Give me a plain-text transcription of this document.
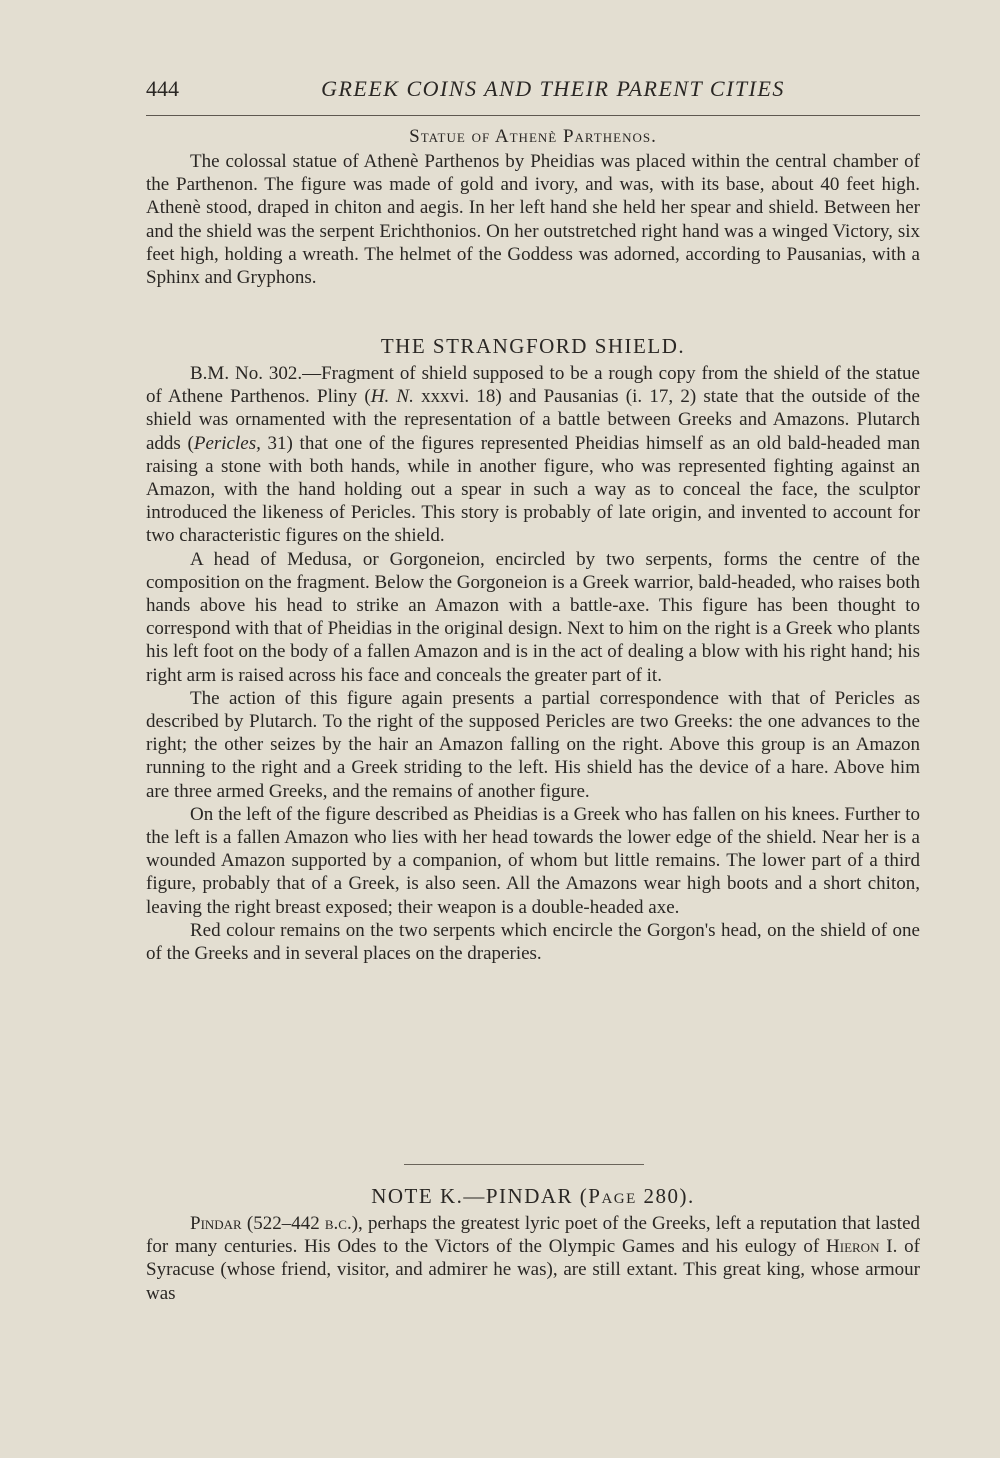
444	GREEK COINS AND THEIR PARENT CITIES
Statue of Athenè Parthenos.

The colossal statue of Athenè Parthenos by Pheidias was placed within the central chamber of the Parthenon. The figure was made of gold and ivory, and was, with its base, about 40 feet high. Athenè stood, draped in chiton and aegis. In her left hand she held her spear and shield. Between her and the shield was the serpent Erichthonios. On her outstretched right hand was a winged Victory, six feet high, holding a wreath. The helmet of the Goddess was adorned, according to Pausanias, with a Sphinx and Gryphons.

THE STRANGFORD SHIELD.

B.M. No. 302.—Fragment of shield supposed to be a rough copy from the shield of the statue of Athene Parthenos. Pliny (H. N. xxxvi. 18) and Pausanias (i. 17, 2) state that the outside of the shield was ornamented with the representation of a battle between Greeks and Amazons. Plutarch adds (Pericles, 31) that one of the figures represented Pheidias himself as an old bald-headed man raising a stone with both hands, while in another figure, who was represented fighting against an Amazon, with the hand holding out a spear in such a way as to conceal the face, the sculptor introduced the likeness of Pericles. This story is probably of late origin, and invented to account for two characteristic figures on the shield.

A head of Medusa, or Gorgoneion, encircled by two serpents, forms the centre of the composition on the fragment. Below the Gorgoneion is a Greek warrior, bald-headed, who raises both hands above his head to strike an Amazon with a battle-axe. This figure has been thought to correspond with that of Pheidias in the original design. Next to him on the right is a Greek who plants his left foot on the body of a fallen Amazon and is in the act of dealing a blow with his right hand; his right arm is raised across his face and conceals the greater part of it.

The action of this figure again presents a partial correspondence with that of Pericles as described by Plutarch. To the right of the supposed Pericles are two Greeks: the one advances to the right; the other seizes by the hair an Amazon falling on the right. Above this group is an Amazon running to the right and a Greek striding to the left. His shield has the device of a hare. Above him are three armed Greeks, and the remains of another figure.

On the left of the figure described as Pheidias is a Greek who has fallen on his knees. Further to the left is a fallen Amazon who lies with her head towards the lower edge of the shield. Near her is a wounded Amazon supported by a companion, of whom but little remains. The lower part of a third figure, probably that of a Greek, is also seen. All the Amazons wear high boots and a short chiton, leaving the right breast exposed; their weapon is a double-headed axe.

Red colour remains on the two serpents which encircle the Gorgon's head, on the shield of one of the Greeks and in several places on the draperies.

NOTE K.—PINDAR (Page 280).

Pindar (522–442 b.c.), perhaps the greatest lyric poet of the Greeks, left a reputation that lasted for many centuries. His Odes to the Victors of the Olympic Games and his eulogy of Hieron I. of Syracuse (whose friend, visitor, and admirer he was), are still extant. This great king, whose armour was
